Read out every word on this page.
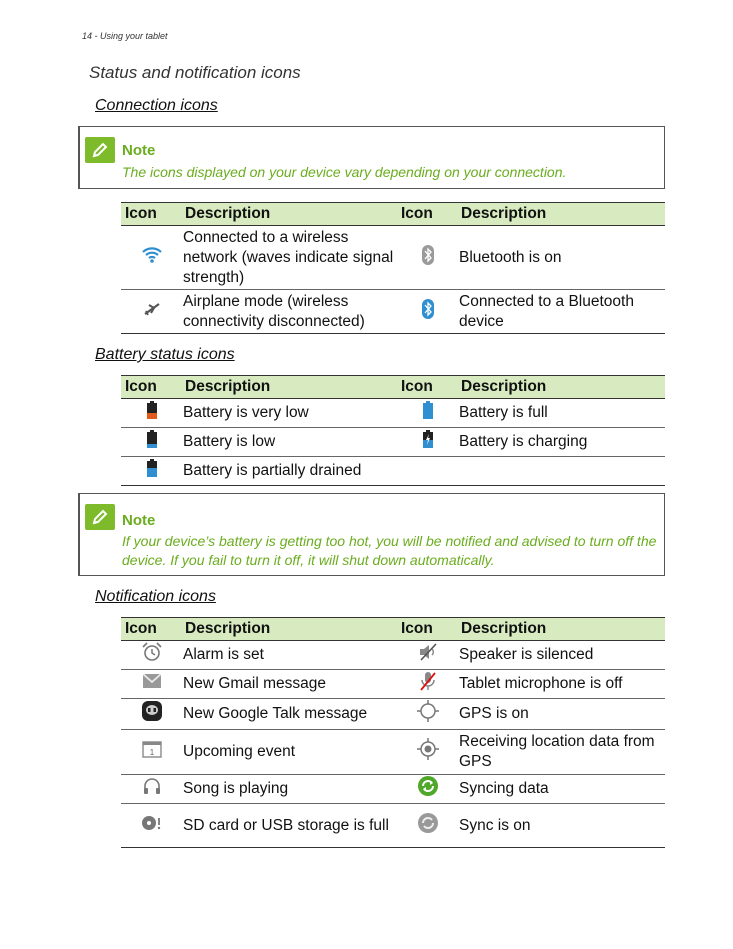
14 - Using your tablet
Status and notification icons
Connection icons
Note
The icons displayed on your device vary depending on your connection.
Icon	Description	Icon	Description
	Connected to a wireless network (waves indicate signal strength)		Bluetooth is on
	Airplane mode (wireless connectivity disconnected)		Connected to a Bluetooth device
Battery status icons
Icon	Description	Icon	Description
	Battery is very low		Battery is full
	Battery is low		Battery is charging
	Battery is partially drained		
Note
If your device’s battery is getting too hot, you will be notified and advised to turn off the device. If you fail to turn it off, it will shut down automatically.
Notification icons
Icon	Description	Icon	Description
	Alarm is set		Speaker is silenced
	New Gmail message		Tablet microphone is off
	New Google Talk message		GPS is on

1	Upcoming event		Receiving location data from GPS
	Song is playing		Syncing data
	SD card or USB storage is full		Sync is on
